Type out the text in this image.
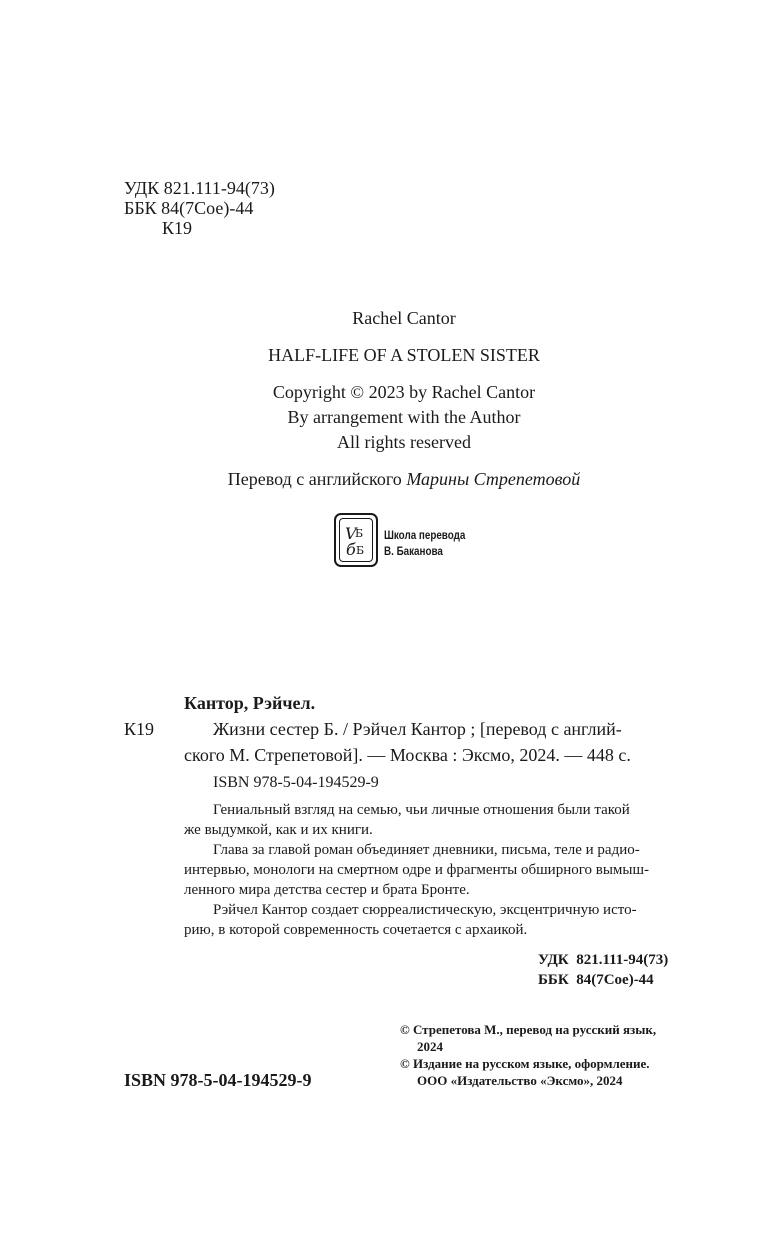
УДК 821.111-94(73)
ББК 84(7Сое)-44
К19
Rachel Cantor
HALF-LIFE OF A STOLEN SISTER
Copyright © 2023 by Rachel Cantor
By arrangement with the Author
All rights reserved
Перевод с английского Марины Стрепетовой
V
Б
б Б
Школа перевода
В. Баканова
Кантор, Рэйчел.
К19	Жизни сестер Б. / Рэйчел Кантор ; [перевод с англий-
ского М. Стрепетовой]. — Москва : Эксмо, 2024. — 448 с.
ISBN 978-5-04-194529-9
Гениальный взгляд на семью, чьи личные отношения были такой
же выдумкой, как и их книги.
Глава за главой роман объединяет дневники, письма, теле и радио-
интервью, монологи на смертном одре и фрагменты обширного вымыш-
ленного мира детства сестер и брата Бронте.
Рэйчел Кантор создает сюрреалистическую, эксцентричную исто-
рию, в которой современность сочетается с архаикой.
УДК  821.111-94(73)
ББК  84(7Сое)-44
© Стрепетова М., перевод на русский язык,
2024
© Издание на русском языке, оформление.
ООО «Издательство «Эксмо», 2024
ISBN 978-5-04-194529-9
